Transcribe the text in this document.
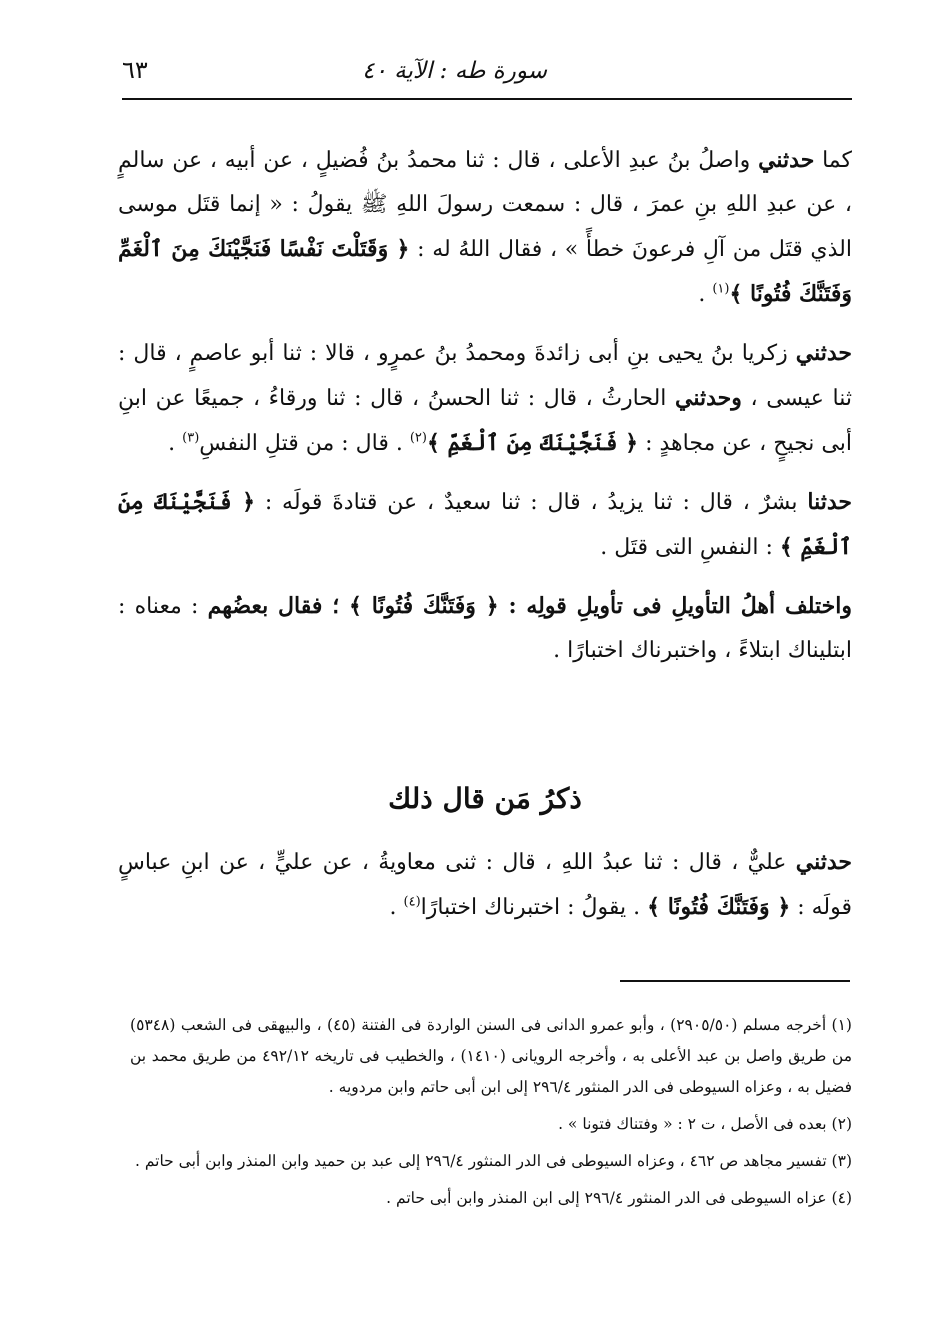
سورة طه : الآية ٤٠
٦٣

كما حدثني واصلُ بنُ عبدِ الأعلى ، قال : ثنا محمدُ بنُ فُضيلٍ ، عن أبيه ، عن سالمٍ ، عن عبدِ اللهِ بنِ عمرَ ، قال : سمعت رسولَ اللهِ ﷺ يقولُ : « إنما قتَل موسى الذي قتَل من آلِ فرعونَ خطأً » ، فقال اللهُ له : ﴿ وَقَتَلْتَ نَفْسًا فَنَجَّيْنَكَ مِنَ ٱلْغَمِّ وَفَتَنَّكَ فُتُونًا ﴾$^{(١)}$ .

حدثني زكريا بنُ يحيى بنِ أبى زائدةَ ومحمدُ بنُ عمرٍو ، قالا : ثنا أبو عاصمٍ ، قال : ثنا عيسى ، وحدثني الحارثُ ، قال : ثنا الحسنُ ، قال : ثنا ورقاءُ ، جميعًا عن ابنِ أبى نجيحٍ ، عن مجاهدٍ : ﴿ فَنَجَّيْنَكَ مِنَ ٱلْغَمِّ ﴾$^{(٢)}$ . قال : من قتلِ النفسِ$^{(٣)}$ .

حدثنا بشرٌ ، قال : ثنا يزيدُ ، قال : ثنا سعيدٌ ، عن قتادةَ قولَه : ﴿ فَنَجَّيْنَكَ مِنَ ٱلْغَمِّ ﴾ : النفسِ التى قتَل .

واختلف أهلُ التأويلِ فى تأويلِ قولِه : ﴿ وَفَتَنَّكَ فُتُونًا ﴾ ؛ فقال بعضُهم : معناه : ابتليناك ابتلاءً ، واختبرناك اختبارًا .

ذكرُ مَن قال ذلك

حدثني عليٌّ ، قال : ثنا عبدُ اللهِ ، قال : ثنى معاويةُ ، عن عليٍّ ، عن ابنِ عباسٍ قولَه : ﴿ وَفَتَنَّكَ فُتُونًا ﴾ . يقولُ : اختبرناك اختبارًا$^{(٤)}$ .

(١) أخرجه مسلم (٢٩٠٥/٥٠) ، وأبو عمرو الدانى فى السنن الواردة فى الفتنة (٤٥) ، والبيهقى فى الشعب (٥٣٤٨) من طريق واصل بن عبد الأعلى به ، وأخرجه الرويانى (١٤١٠) ، والخطيب فى تاريخه ٤٩٢/١٢ من طريق محمد بن فضيل به ، وعزاه السيوطى فى الدر المنثور ٢٩٦/٤ إلى ابن أبى حاتم وابن مردويه .

(٢) بعده فى الأصل ، ت ٢ : « وفتناك فتونا » .

(٣) تفسير مجاهد ص ٤٦٢ ، وعزاه السيوطى فى الدر المنثور ٢٩٦/٤ إلى عبد بن حميد وابن المنذر وابن أبى حاتم .

(٤) عزاه السيوطى فى الدر المنثور ٢٩٦/٤ إلى ابن المنذر وابن أبى حاتم .
